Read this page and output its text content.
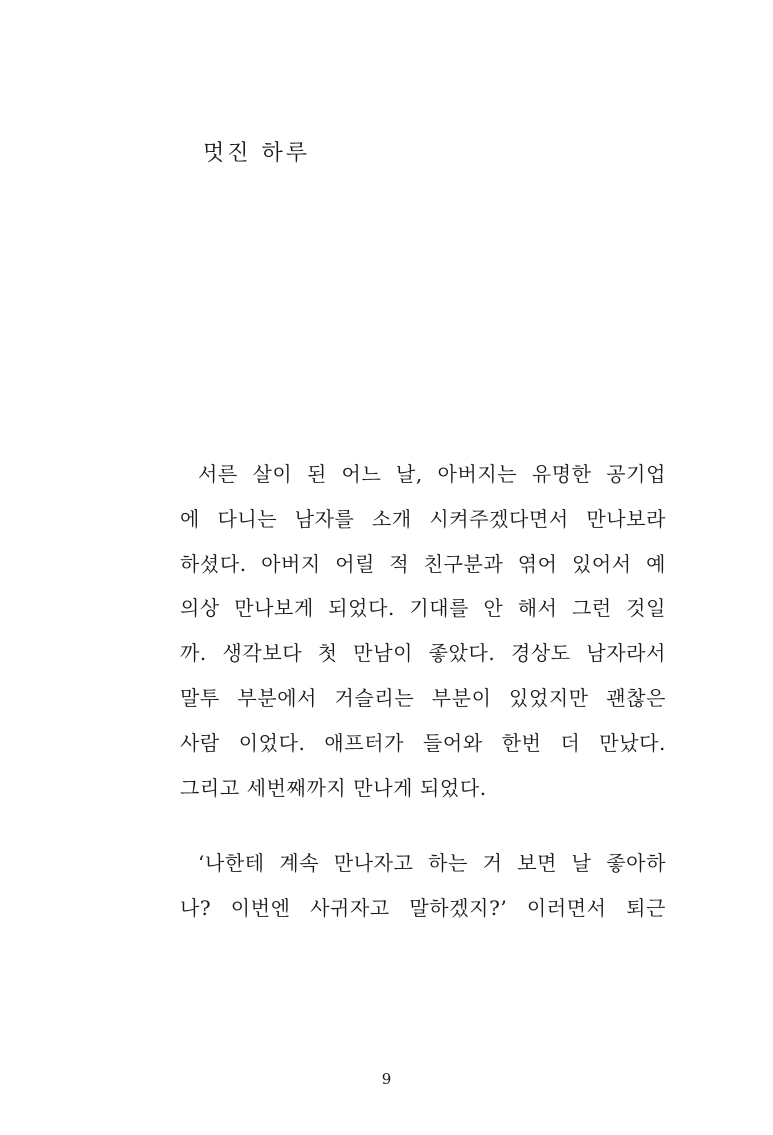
멋진 하루

서른 살이 된 어느 날, 아버지는 유명한 공기업
에 다니는 남자를 소개 시켜주겠다면서 만나보라
하셨다. 아버지 어릴 적 친구분과 엮어 있어서 예
의상 만나보게 되었다. 기대를 안 해서 그런 것일
까. 생각보다 첫 만남이 좋았다. 경상도 남자라서
말투 부분에서 거슬리는 부분이 있었지만 괜찮은
사람 이었다. 애프터가 들어와 한번 더 만났다.
그리고 세번째까지 만나게 되었다.

‘나한테 계속 만나자고 하는 거 보면 날 좋아하
나? 이번엔 사귀자고 말하겠지?’ 이러면서 퇴근

9
